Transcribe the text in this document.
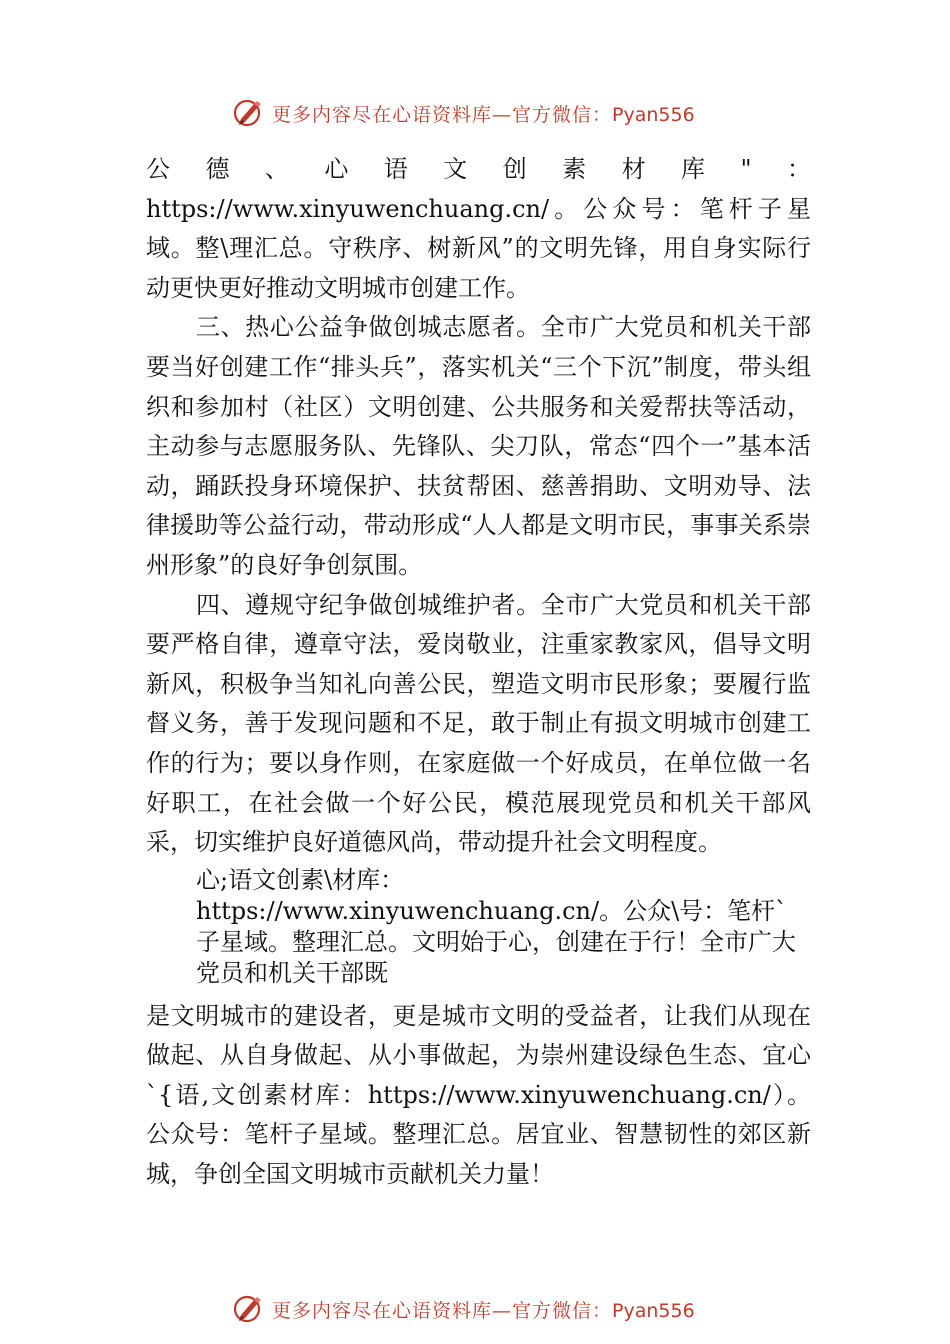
更多内容尽在心语资料库—官方微信：Pyan556

公德、心语文创素材库"：https://www.xinyuwenchuang.cn/。公众号：笔杆子星域。整\理汇总。守秩序、树新风”的文明先锋，用自身实际行动更快更好推动文明城市创建工作。

三、热心公益争做创城志愿者。全市广大党员和机关干部要当好创建工作“排头兵”，落实机关“三个下沉”制度，带头组织和参加村（社区）文明创建、公共服务和关爱帮扶等活动，主动参与志愿服务队、先锋队、尖刀队，常态“四个一”基本活动，踊跃投身环境保护、扶贫帮困、慈善捐助、文明劝导、法律援助等公益行动，带动形成“人人都是文明市民，事事关系崇州形象”的良好争创氛围。

四、遵规守纪争做创城维护者。全市广大党员和机关干部要严格自律，遵章守法，爱岗敬业，注重家教家风，倡导文明新风，积极争当知礼向善公民，塑造文明市民形象；要履行监督义务，善于发现问题和不足，敢于制止有损文明城市创建工作的行为；要以身作则，在家庭做一个好成员，在单位做一名好职工，在社会做一个好公民，模范展现党员和机关干部风采，切实维护良好道德风尚，带动提升社会文明程度。

心;语文创素\材库：https://www.xinyuwenchuang.cn/。公众\号：笔杆`子星域。整理汇总。文明始于心，创建在于行！全市广大党员和机关干部既

是文明城市的建设者，更是城市文明的受益者，让我们从现在做起、从自身做起、从小事做起，为崇州建设绿色生态、宜心`{语,文创素材库：https://www.xinyuwenchuang.cn/）。公众号：笔杆子星域。整理汇总。居宜业、智慧韧性的郊区新城，争创全国文明城市贡献机关力量！

更多内容尽在心语资料库—官方微信：Pyan556
